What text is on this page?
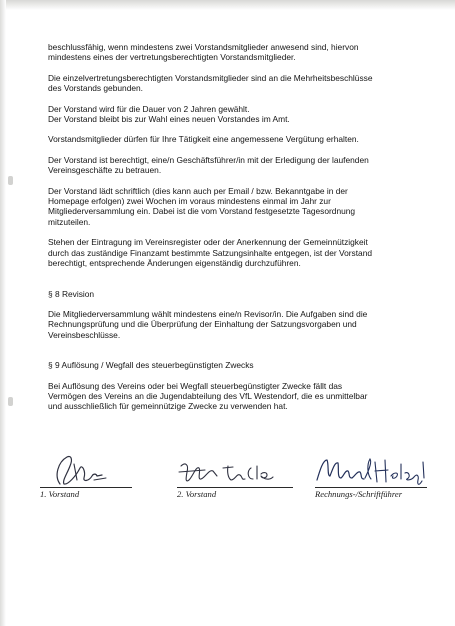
beschlussfähig, wenn mindestens zwei Vorstandsmitglieder anwesend sind, hiervon
mindestens eines der vertretungsberechtigten Vorstandsmitglieder.

Die einzelvertretungsberechtigten Vorstandsmitglieder sind an die Mehrheitsbeschlüsse
des Vorstands gebunden.

Der Vorstand wird für die Dauer von 2 Jahren gewählt.
Der Vorstand bleibt bis zur Wahl eines neuen Vorstandes im Amt.

Vorstandsmitglieder dürfen für Ihre Tätigkeit eine angemessene Vergütung erhalten.

Der Vorstand ist berechtigt, eine/n Geschäftsführer/in mit der Erledigung der laufenden
Vereinsgeschäfte zu betrauen.

Der Vorstand lädt schriftlich (dies kann auch per Email / bzw. Bekanntgabe in der
Homepage erfolgen) zwei Wochen im voraus mindestens einmal im Jahr zur
Mitgliederversammlung ein. Dabei ist die vom Vorstand festgesetzte Tagesordnung
mitzuteilen.

Stehen der Eintragung im Vereinsregister oder der Anerkennung der Gemeinnützigkeit
durch das zuständige Finanzamt bestimmte Satzungsinhalte entgegen, ist der Vorstand
berechtigt, entsprechende Änderungen eigenständig durchzuführen.

§ 8 Revision

Die Mitgliederversammlung wählt mindestens eine/n Revisor/in. Die Aufgaben sind die
Rechnungsprüfung und die Überprüfung der Einhaltung der Satzungsvorgaben und
Vereinsbeschlüsse.

§ 9 Auflösung / Wegfall des steuerbegünstigten Zwecks

Bei Auflösung des Vereins oder bei Wegfall steuerbegünstigter Zwecke fällt das
Vermögen des Vereins an die Jugendabteilung des VfL Westendorf, die es unmittelbar
und ausschließlich für gemeinnützige Zwecke zu verwenden hat.

1. Vorstand	2. Vorstand	Rechnungs-/Schriftführer
